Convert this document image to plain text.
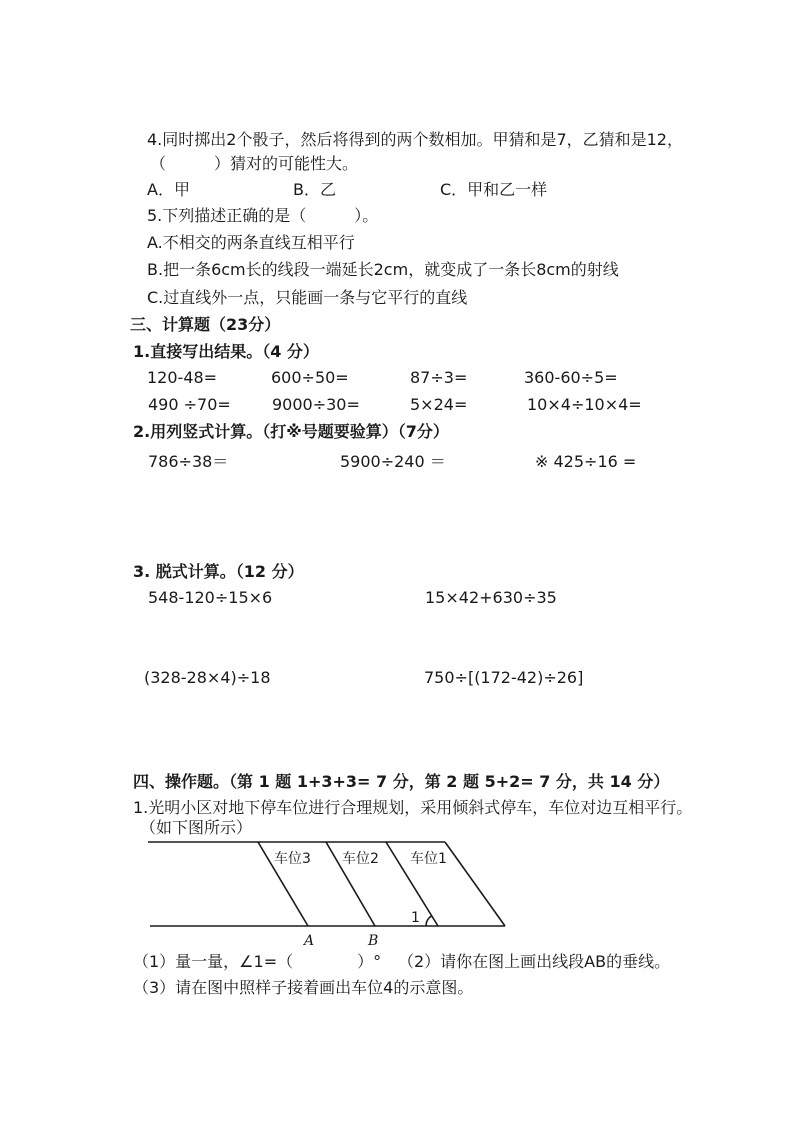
4.同时掷出2个骰子，然后将得到的两个数相加。甲猜和是7，乙猜和是12，
（　　　）猜对的可能性大。
A．甲	B．乙	C．甲和乙一样
5.下列描述正确的是（　　　）。
A.不相交的两条直线互相平行
B.把一条6cm长的线段一端延长2cm，就变成了一条长8cm的射线
C.过直线外一点，只能画一条与它平行的直线
三、计算题（23分）
1.直接写出结果。（4 分）
120-48=	600÷50=	87÷3=	360-60÷5=
490 ÷70=	9000÷30=	5×24=	10×4÷10×4=
2.用列竖式计算。（打※号题要验算）（7分）
786÷38＝	5900÷240 ＝	※ 425÷16 =
3. 脱式计算。（12 分）
548-120÷15×6	15×42+630÷35
(328-28×4)÷18	750÷[(172-42)÷26]
四、操作题。（第 1 题 1+3+3= 7 分，第 2 题 5+2= 7 分，共 14 分）
1.光明小区对地下停车位进行合理规划，采用倾斜式停车，车位对边互相平行。
（如下图所示）
车位3 车位2 车位1
1
A	B
（1）量一量，∠1=（　　　　）° （2）请你在图上画出线段AB的垂线。
（3）请在图中照样子接着画出车位4的示意图。
